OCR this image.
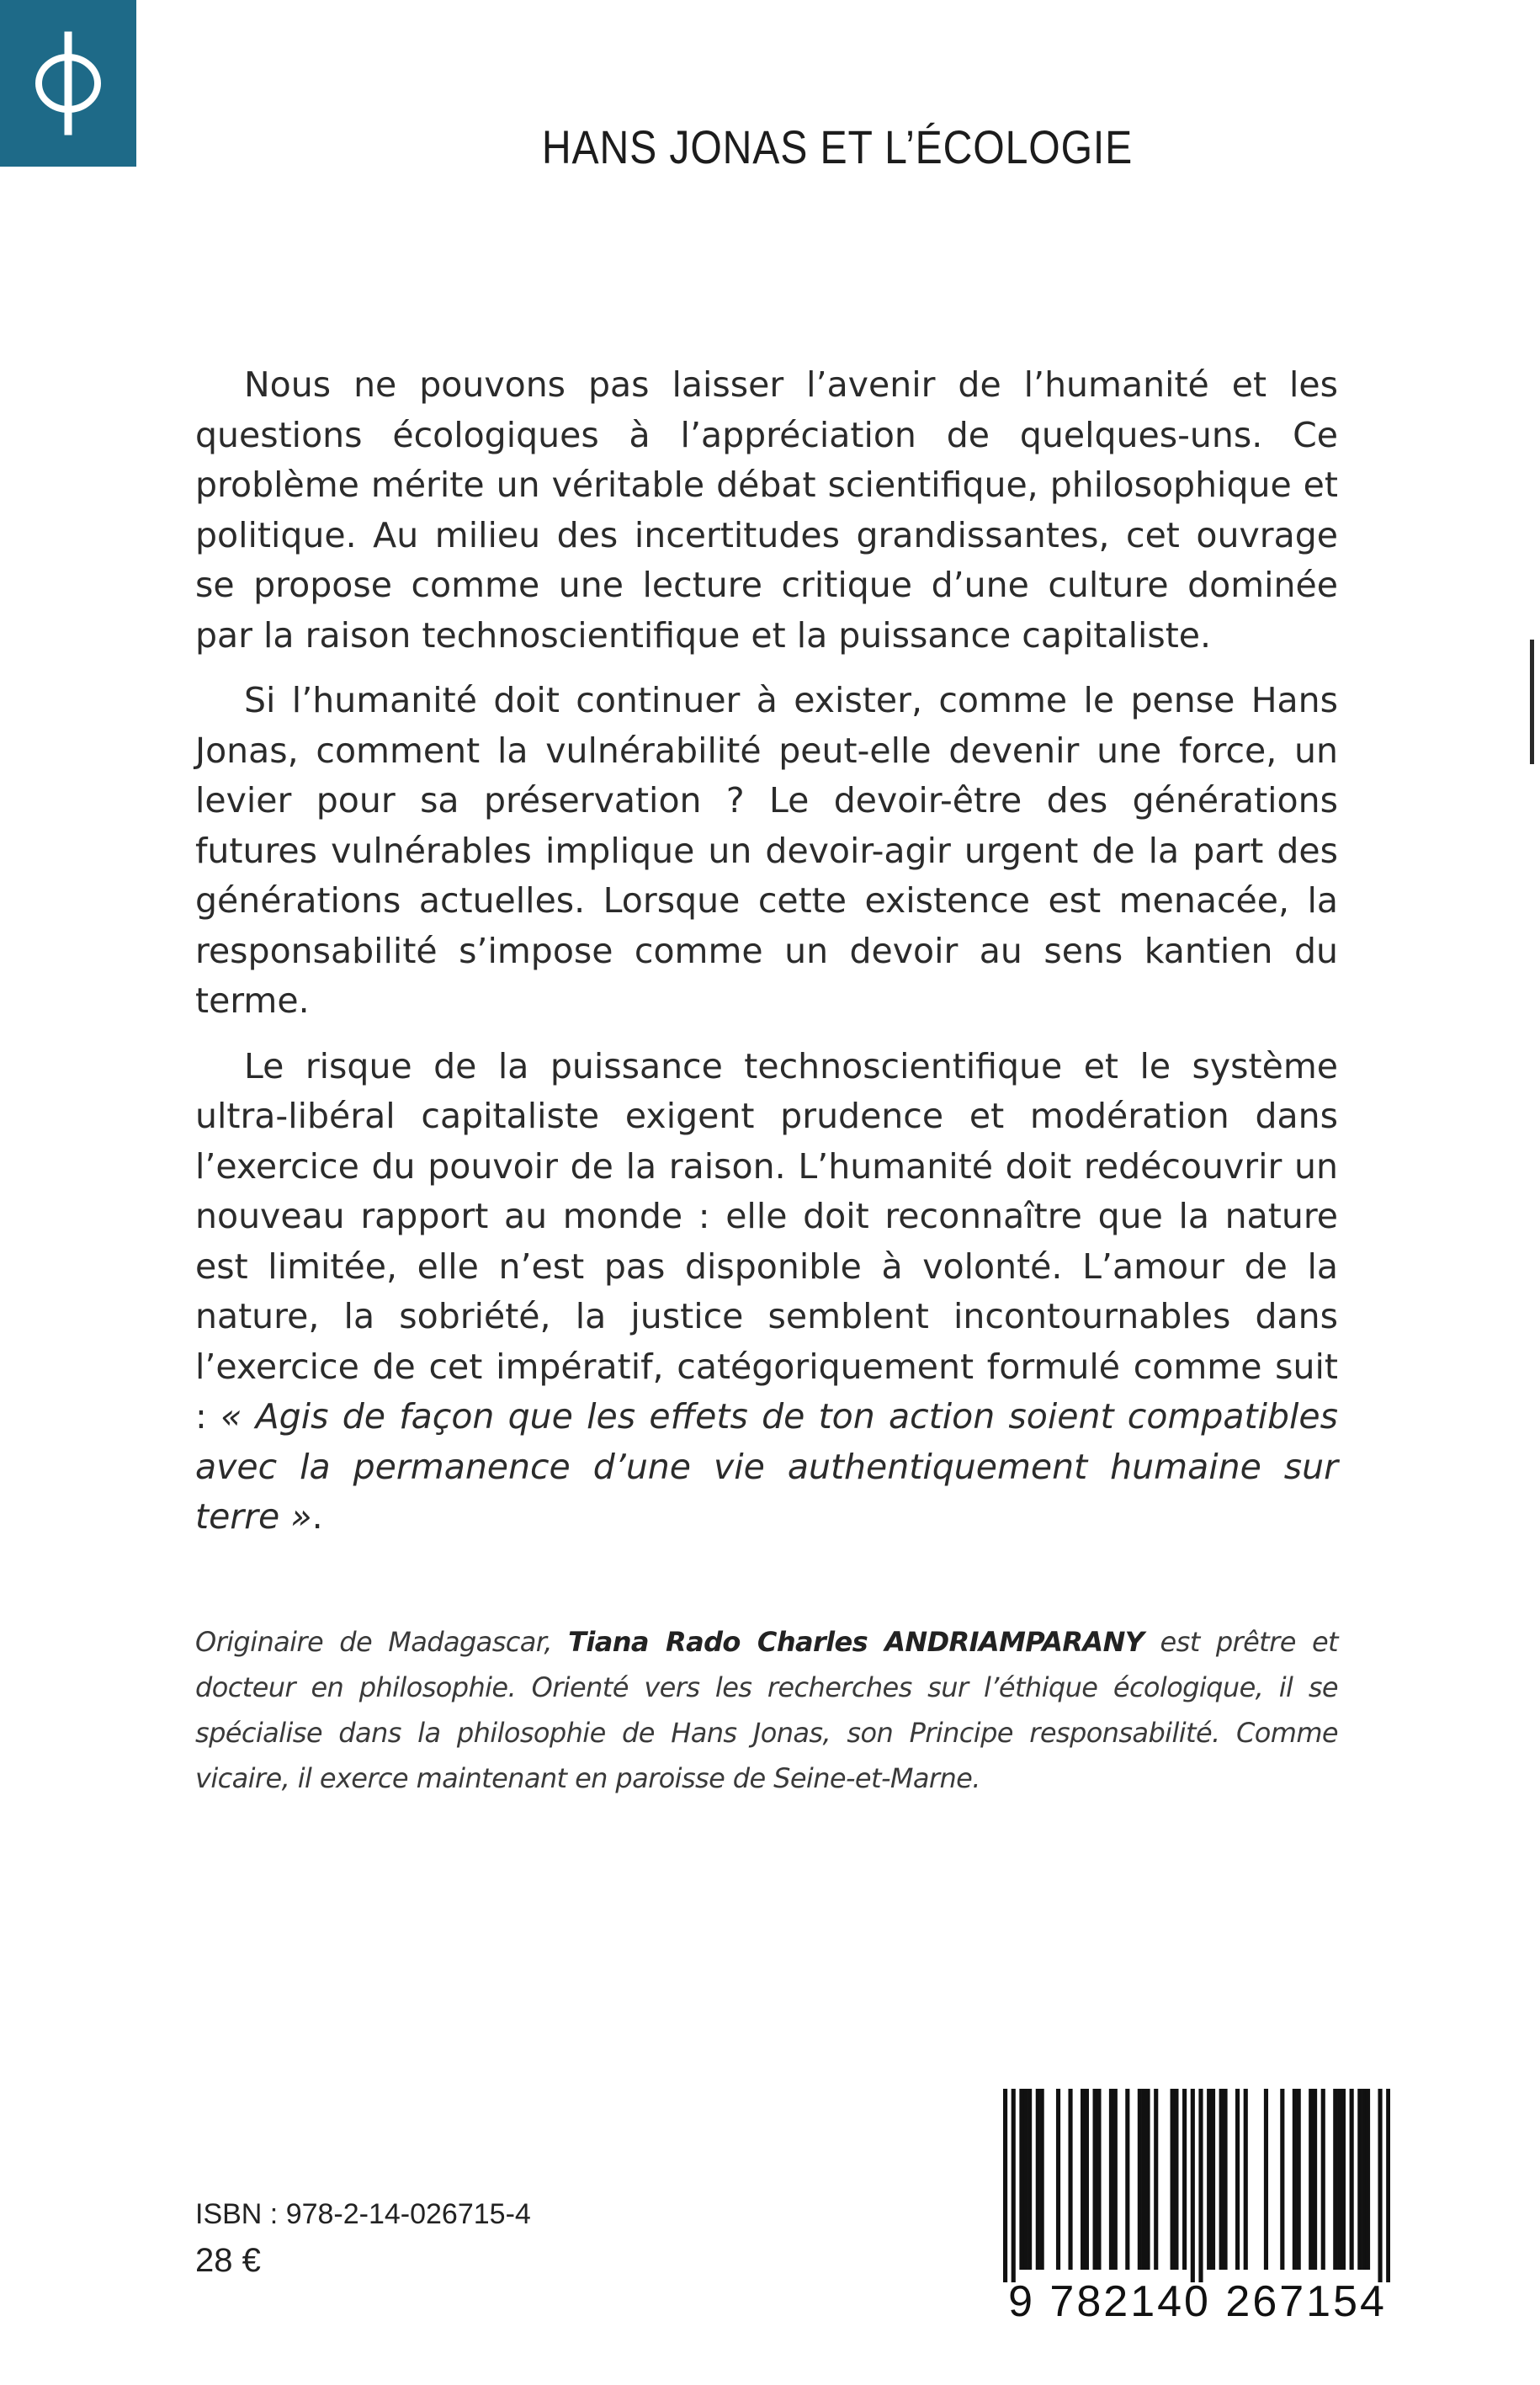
HANS JONAS ET L’ÉCOLOGIE

Nous ne pouvons pas laisser l’avenir de l’humanité et les questions écologiques à l’appréciation de quelques-uns. Ce problème mérite un véritable débat scientifique, philosophique et politique. Au milieu des incertitudes grandissantes, cet ouvrage se propose comme une lecture critique d’une culture dominée par la raison technoscientifique et la puissance capitaliste.

Si l’humanité doit continuer à exister, comme le pense Hans Jonas, comment la vulnérabilité peut-elle devenir une force, un levier pour sa préservation ? Le devoir-être des générations futures vulnérables implique un devoir-agir urgent de la part des générations actuelles. Lorsque cette existence est menacée, la responsabilité s’impose comme un devoir au sens kantien du terme.

Le risque de la puissance technoscientifique et le système ultra-libéral capitaliste exigent prudence et modération dans l’exercice du pouvoir de la raison. L’humanité doit redécouvrir un nouveau rapport au monde : elle doit reconnaître que la nature est limitée, elle n’est pas disponible à volonté. L’amour de la nature, la sobriété, la justice semblent incontournables dans l’exercice de cet impératif, catégoriquement formulé comme suit : « Agis de façon que les effets de ton action soient compatibles avec la permanence d’une vie authentiquement humaine sur terre ».

Originaire de Madagascar, Tiana Rado Charles ANDRIAMPARANY est prêtre et docteur en philosophie. Orienté vers les recherches sur l’éthique écologique, il se spécialise dans la philosophie de Hans Jonas, son Principe responsabilité. Comme vicaire, il exerce maintenant en paroisse de Seine-et-Marne.
ISBN : 978-2-14-026715-4
28 €
9 782140 267154
